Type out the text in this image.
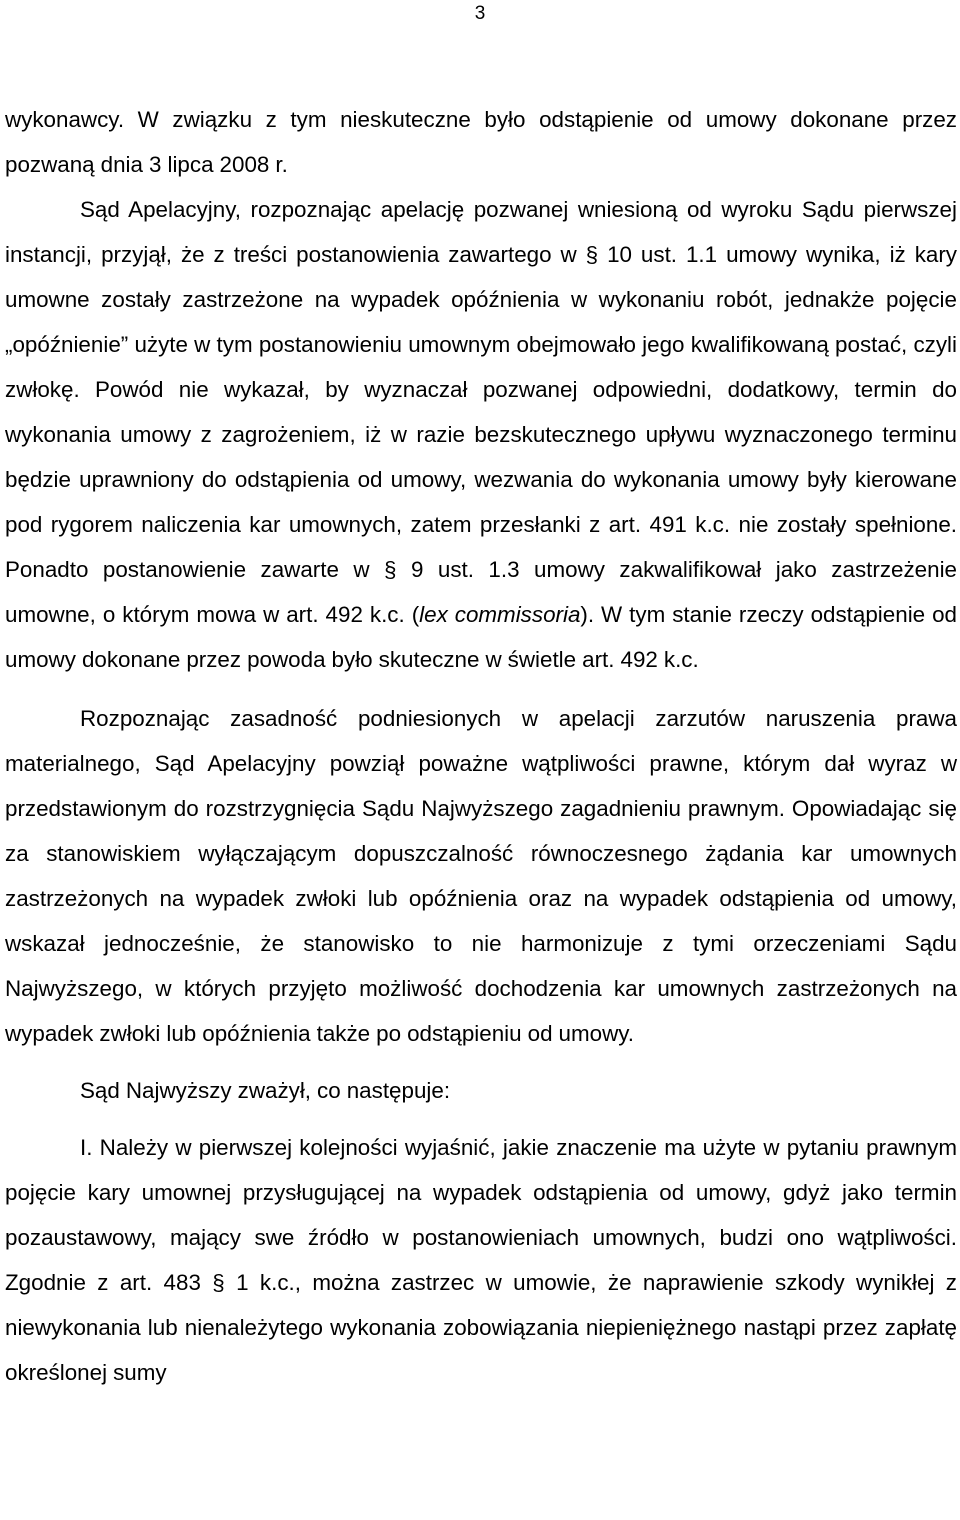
3

wykonawcy. W związku z tym nieskuteczne było odstąpienie od umowy dokonane przez pozwaną dnia 3 lipca 2008 r.

Sąd Apelacyjny, rozpoznając apelację pozwanej wniesioną od wyroku Sądu pierwszej instancji, przyjął, że z treści postanowienia zawartego w § 10 ust. 1.1 umowy wynika, iż kary umowne zostały zastrzeżone na wypadek opóźnienia w wykonaniu robót, jednakże pojęcie „opóźnienie” użyte w tym postanowieniu umownym obejmowało jego kwalifikowaną postać, czyli zwłokę. Powód nie wykazał, by wyznaczał pozwanej odpowiedni, dodatkowy, termin do wykonania umowy z zagrożeniem, iż w razie bezskutecznego upływu wyznaczonego terminu będzie uprawniony do odstąpienia od umowy, wezwania do wykonania umowy były kierowane pod rygorem naliczenia kar umownych, zatem przesłanki z art. 491 k.c. nie zostały spełnione. Ponadto postanowienie zawarte w § 9 ust. 1.3 umowy zakwalifikował jako zastrzeżenie umowne, o którym mowa w art. 492 k.c. (lex commissoria). W tym stanie rzeczy odstąpienie od umowy dokonane przez powoda było skuteczne w świetle art. 492 k.c.

Rozpoznając zasadność podniesionych w apelacji zarzutów naruszenia prawa materialnego, Sąd Apelacyjny powziął poważne wątpliwości prawne, którym dał wyraz w przedstawionym do rozstrzygnięcia Sądu Najwyższego zagadnieniu prawnym. Opowiadając się za stanowiskiem wyłączającym dopuszczalność równoczesnego żądania kar umownych zastrzeżonych na wypadek zwłoki lub opóźnienia oraz na wypadek odstąpienia od umowy, wskazał jednocześnie, że stanowisko to nie harmonizuje z tymi orzeczeniami Sądu Najwyższego, w których przyjęto możliwość dochodzenia kar umownych zastrzeżonych na wypadek zwłoki lub opóźnienia także po odstąpieniu od umowy.

Sąd Najwyższy zważył, co następuje:

I. Należy w pierwszej kolejności wyjaśnić, jakie znaczenie ma użyte w pytaniu prawnym pojęcie kary umownej przysługującej na wypadek odstąpienia od umowy, gdyż jako termin pozaustawowy, mający swe źródło w postanowieniach umownych, budzi ono wątpliwości. Zgodnie z art. 483 § 1 k.c., można zastrzec w umowie, że naprawienie szkody wynikłej z niewykonania lub nienależytego wykonania zobowiązania niepieniężnego nastąpi przez zapłatę określonej sumy
